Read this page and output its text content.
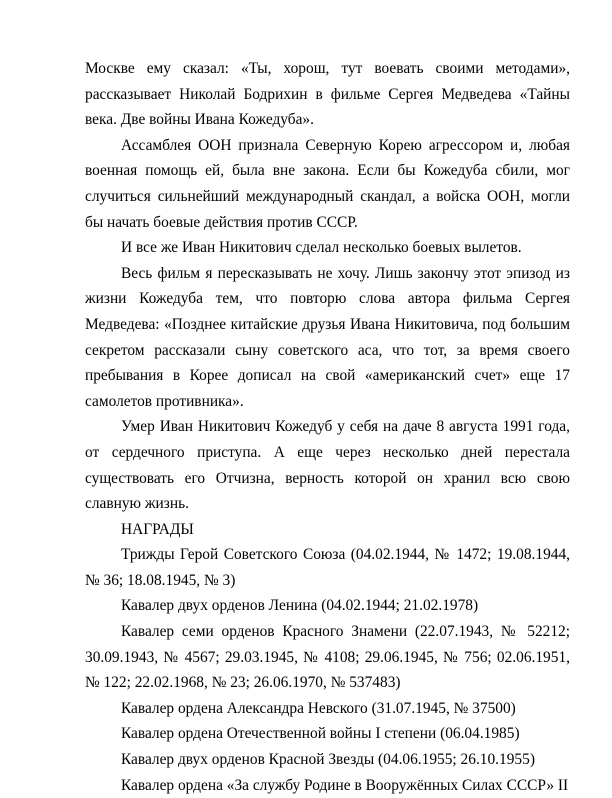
Москве ему сказал: «Ты, хорош, тут воевать своими методами», рассказывает Николай Бодрихин в фильме Сергея Медведева «Тайны века. Две войны Ивана Кожедуба».

Ассамблея ООН признала Северную Корею агрессором и, любая военная помощь ей, была вне закона. Если бы Кожедуба сбили, мог случиться сильнейший международный скандал, а войска ООН, могли бы начать боевые действия против СССР.

И все же Иван Никитович сделал несколько боевых вылетов.

Весь фильм я пересказывать не хочу. Лишь закончу этот эпизод из жизни Кожедуба тем, что повторю слова автора фильма Сергея Медведева: «Позднее китайские друзья Ивана Никитовича, под большим секретом рассказали сыну советского аса, что тот, за время своего пребывания в Корее дописал на свой «американский счет» еще 17 самолетов противника».

Умер Иван Никитович Кожедуб у себя на даче 8 августа 1991 года, от сердечного приступа. А еще через несколько дней перестала существовать его Отчизна, верность которой он хранил всю свою славную жизнь.

НАГРАДЫ

Трижды Герой Советского Союза (04.02.1944, № 1472; 19.08.1944, № 36; 18.08.1945, № 3)

Кавалер двух орденов Ленина (04.02.1944; 21.02.1978)

Кавалер семи орденов Красного Знамени (22.07.1943, № 52212; 30.09.1943, № 4567; 29.03.1945, № 4108; 29.06.1945, № 756; 02.06.1951, № 122; 22.02.1968, № 23; 26.06.1970, № 537483)

Кавалер ордена Александра Невского (31.07.1945, № 37500)

Кавалер ордена Отечественной войны I степени (06.04.1985)

Кавалер двух орденов Красной Звезды (04.06.1955; 26.10.1955)

Кавалер ордена «За службу Родине в Вооружённых Силах СССР» II
